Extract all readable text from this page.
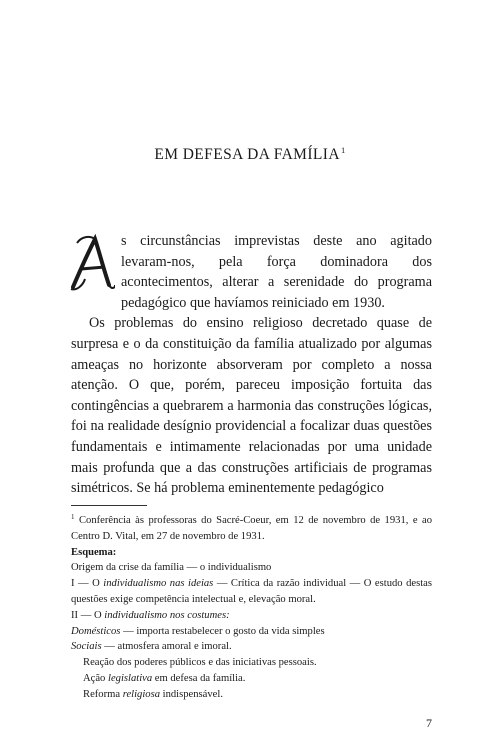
EM DEFESA DA FAMÍLIA$^1$

s circunstâncias imprevistas deste ano agitado levaram-nos, pela força dominadora dos acontecimentos, alterar a serenidade do programa pedagógico que havíamos reiniciado em 1930.

Os problemas do ensino religioso decretado quase de surpresa e o da constituição da família atualizado por algumas ameaças no horizonte absorveram por completo a nossa atenção. O que, porém, pareceu imposição fortuita das contingências a quebrarem a harmonia das construções lógicas, foi na realidade desígnio providencial a focalizar duas questões fundamentais e intimamente relacionadas por uma unidade mais profunda que a das construções artificiais de programas simétricos. Se há problema eminentemente pedagógico

$^1$ Conferência às professoras do Sacré-Coeur, em 12 de novembro de 1931, e ao Centro D. Vital, em 27 de novembro de 1931.
Esquema:
Origem da crise da família — o individualismo
I — O individualismo nas ideias — Crítica da razão individual — O estudo destas questões exige competência intelectual e, elevação moral.
II — O individualismo nos costumes:
Domésticos — importa restabelecer o gosto da vida simples
Sociais — atmosfera amoral e imoral.
Reação dos poderes públicos e das iniciativas pessoais.
Ação legislativa em defesa da família.
Reforma religiosa indispensável.
7
